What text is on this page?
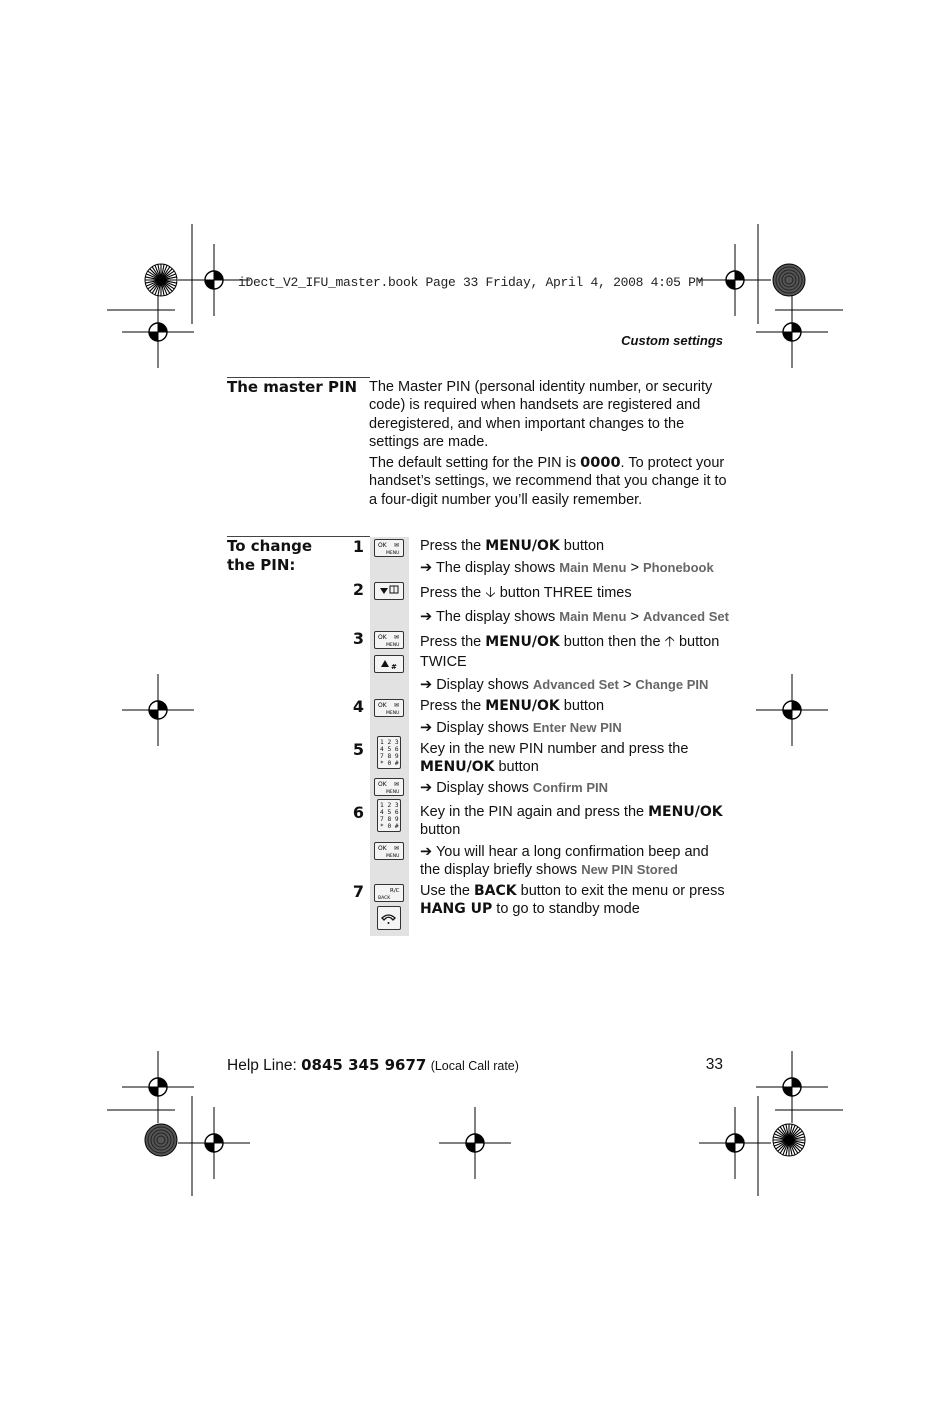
iDect_V2_IFU_master.book Page 33 Friday, April 4, 2008 4:05 PM
Custom settings
The master PIN The Master PIN (personal identity number, or security code) is required when handsets are registered and deregistered, and when important changes to the settings are made.
The default setting for the PIN is 0000. To protect your handset’s settings, we recommend that you change it to a four-digit number you’ll easily remember.
To change
the PIN:
1
2
3
4
5
6
7
OK ✉
MENU
OK ✉
MENU
#
OK ✉
MENU
1 2 3
4 5 6
7 8 9
* 0 #
OK ✉
MENU
1 2 3
4 5 6
7 8 9
* 0 #
OK ✉
MENU
R/C
BACK
Press the MENU/OK button
➔ The display shows Main Menu > Phonebook
Press the 🡣 button THREE times
➔ The display shows Main Menu > Advanced Set
Press the MENU/OK button then the 🡡 button
TWICE
➔ Display shows Advanced Set > Change PIN
Press the MENU/OK button
➔ Display shows Enter New PIN
Key in the new PIN number and press the
MENU/OK button
➔ Display shows Confirm PIN
Key in the PIN again and press the MENU/OK
button
➔ You will hear a long confirmation beep and
the display briefly shows New PIN Stored
Use the BACK button to exit the menu or press
HANG UP to go to standby mode
Help Line: 0845 345 9677 (Local Call rate)	33
